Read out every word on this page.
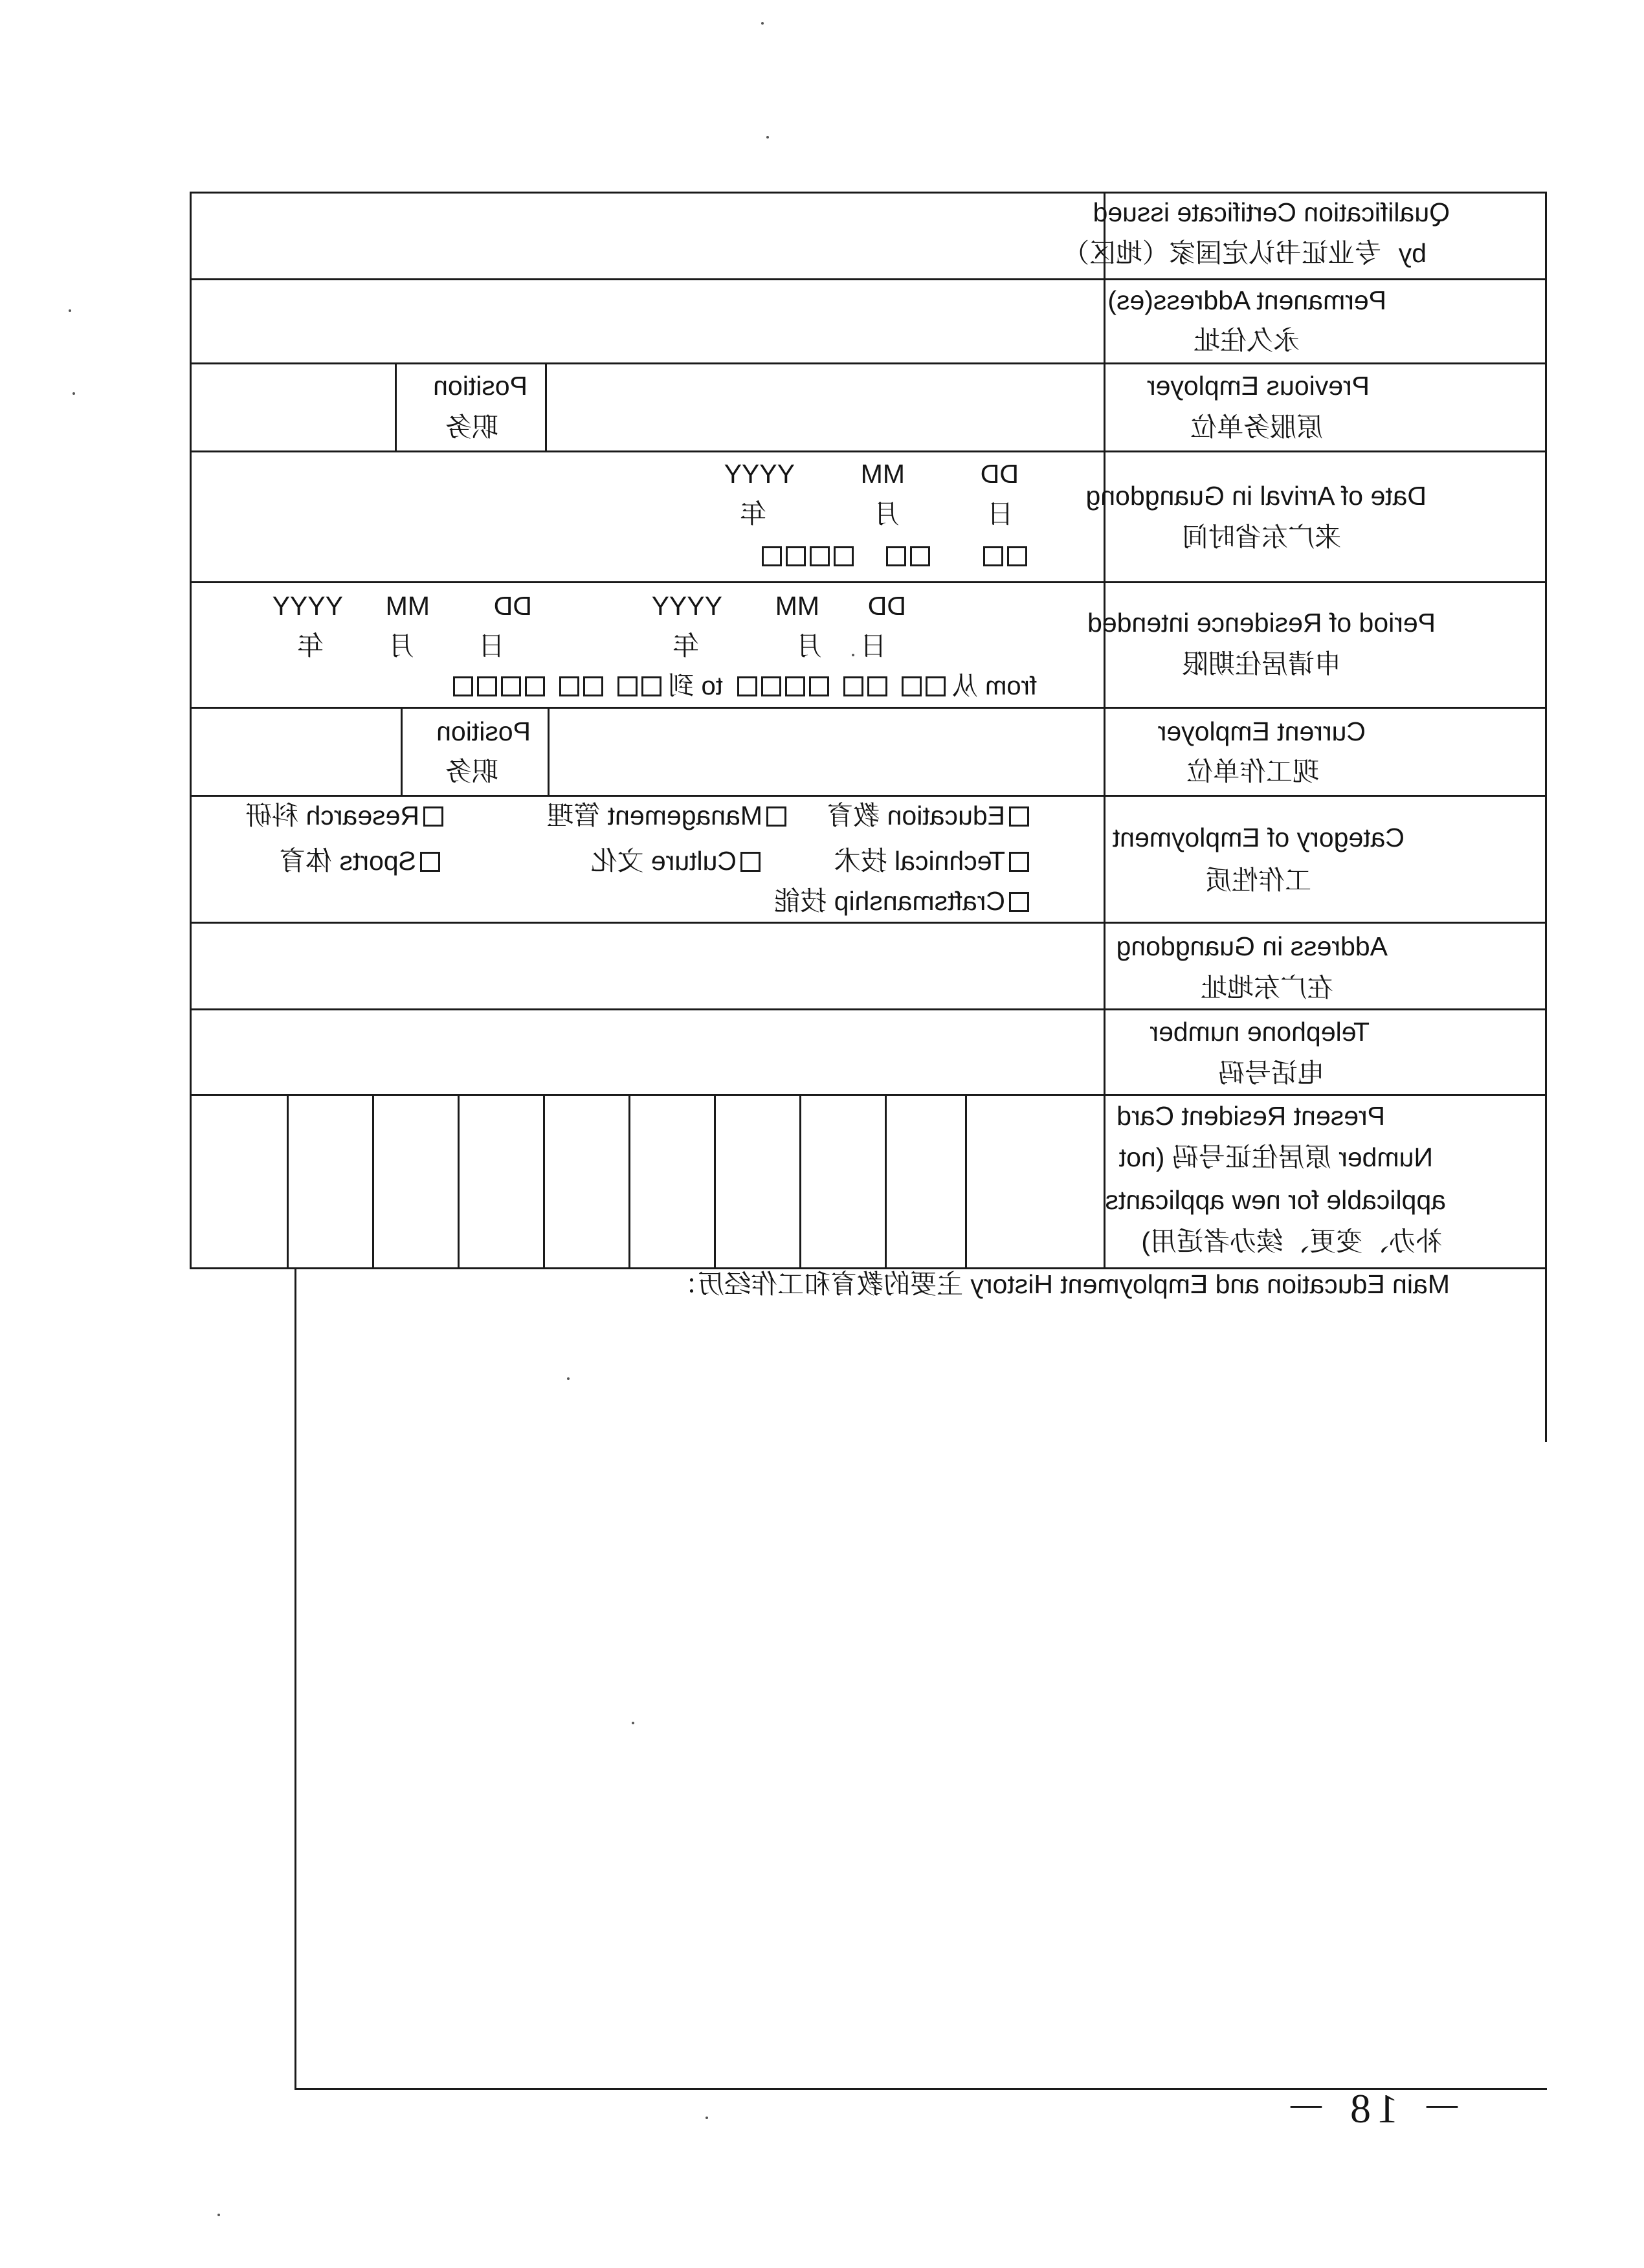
Qualification Certificate issued
by
专业证书认定国家（地区）
Permanent Address(es)
永久住址
Previous Employer
原服务单位
Date of Arrival in Guangdong
来广东省时间
Period of Residence intended
申请居住期限
Current Employer
现工作单位
Category of Employment
工作性质
Address in Guangdong
在广东地址
Telephone number
电话号码
Present Resident Card
Number 原居住证号码 (not
applicable for new applicants
补办、变更、续办者适用)
Position
职务
DD
MM
YYYY
日
月
年
DD
MM
YYYY
DD
MM
YYYY
日
月
年
日
月
年
from 从to 到
Position
职务
Education 教育
Management 管理
Research 科研
Technical 技术
Culture 文化
Sports 体育
Craftsmanship 技能
Main Education and Employment History 主要的教育和工作经历：
－ 18 －
